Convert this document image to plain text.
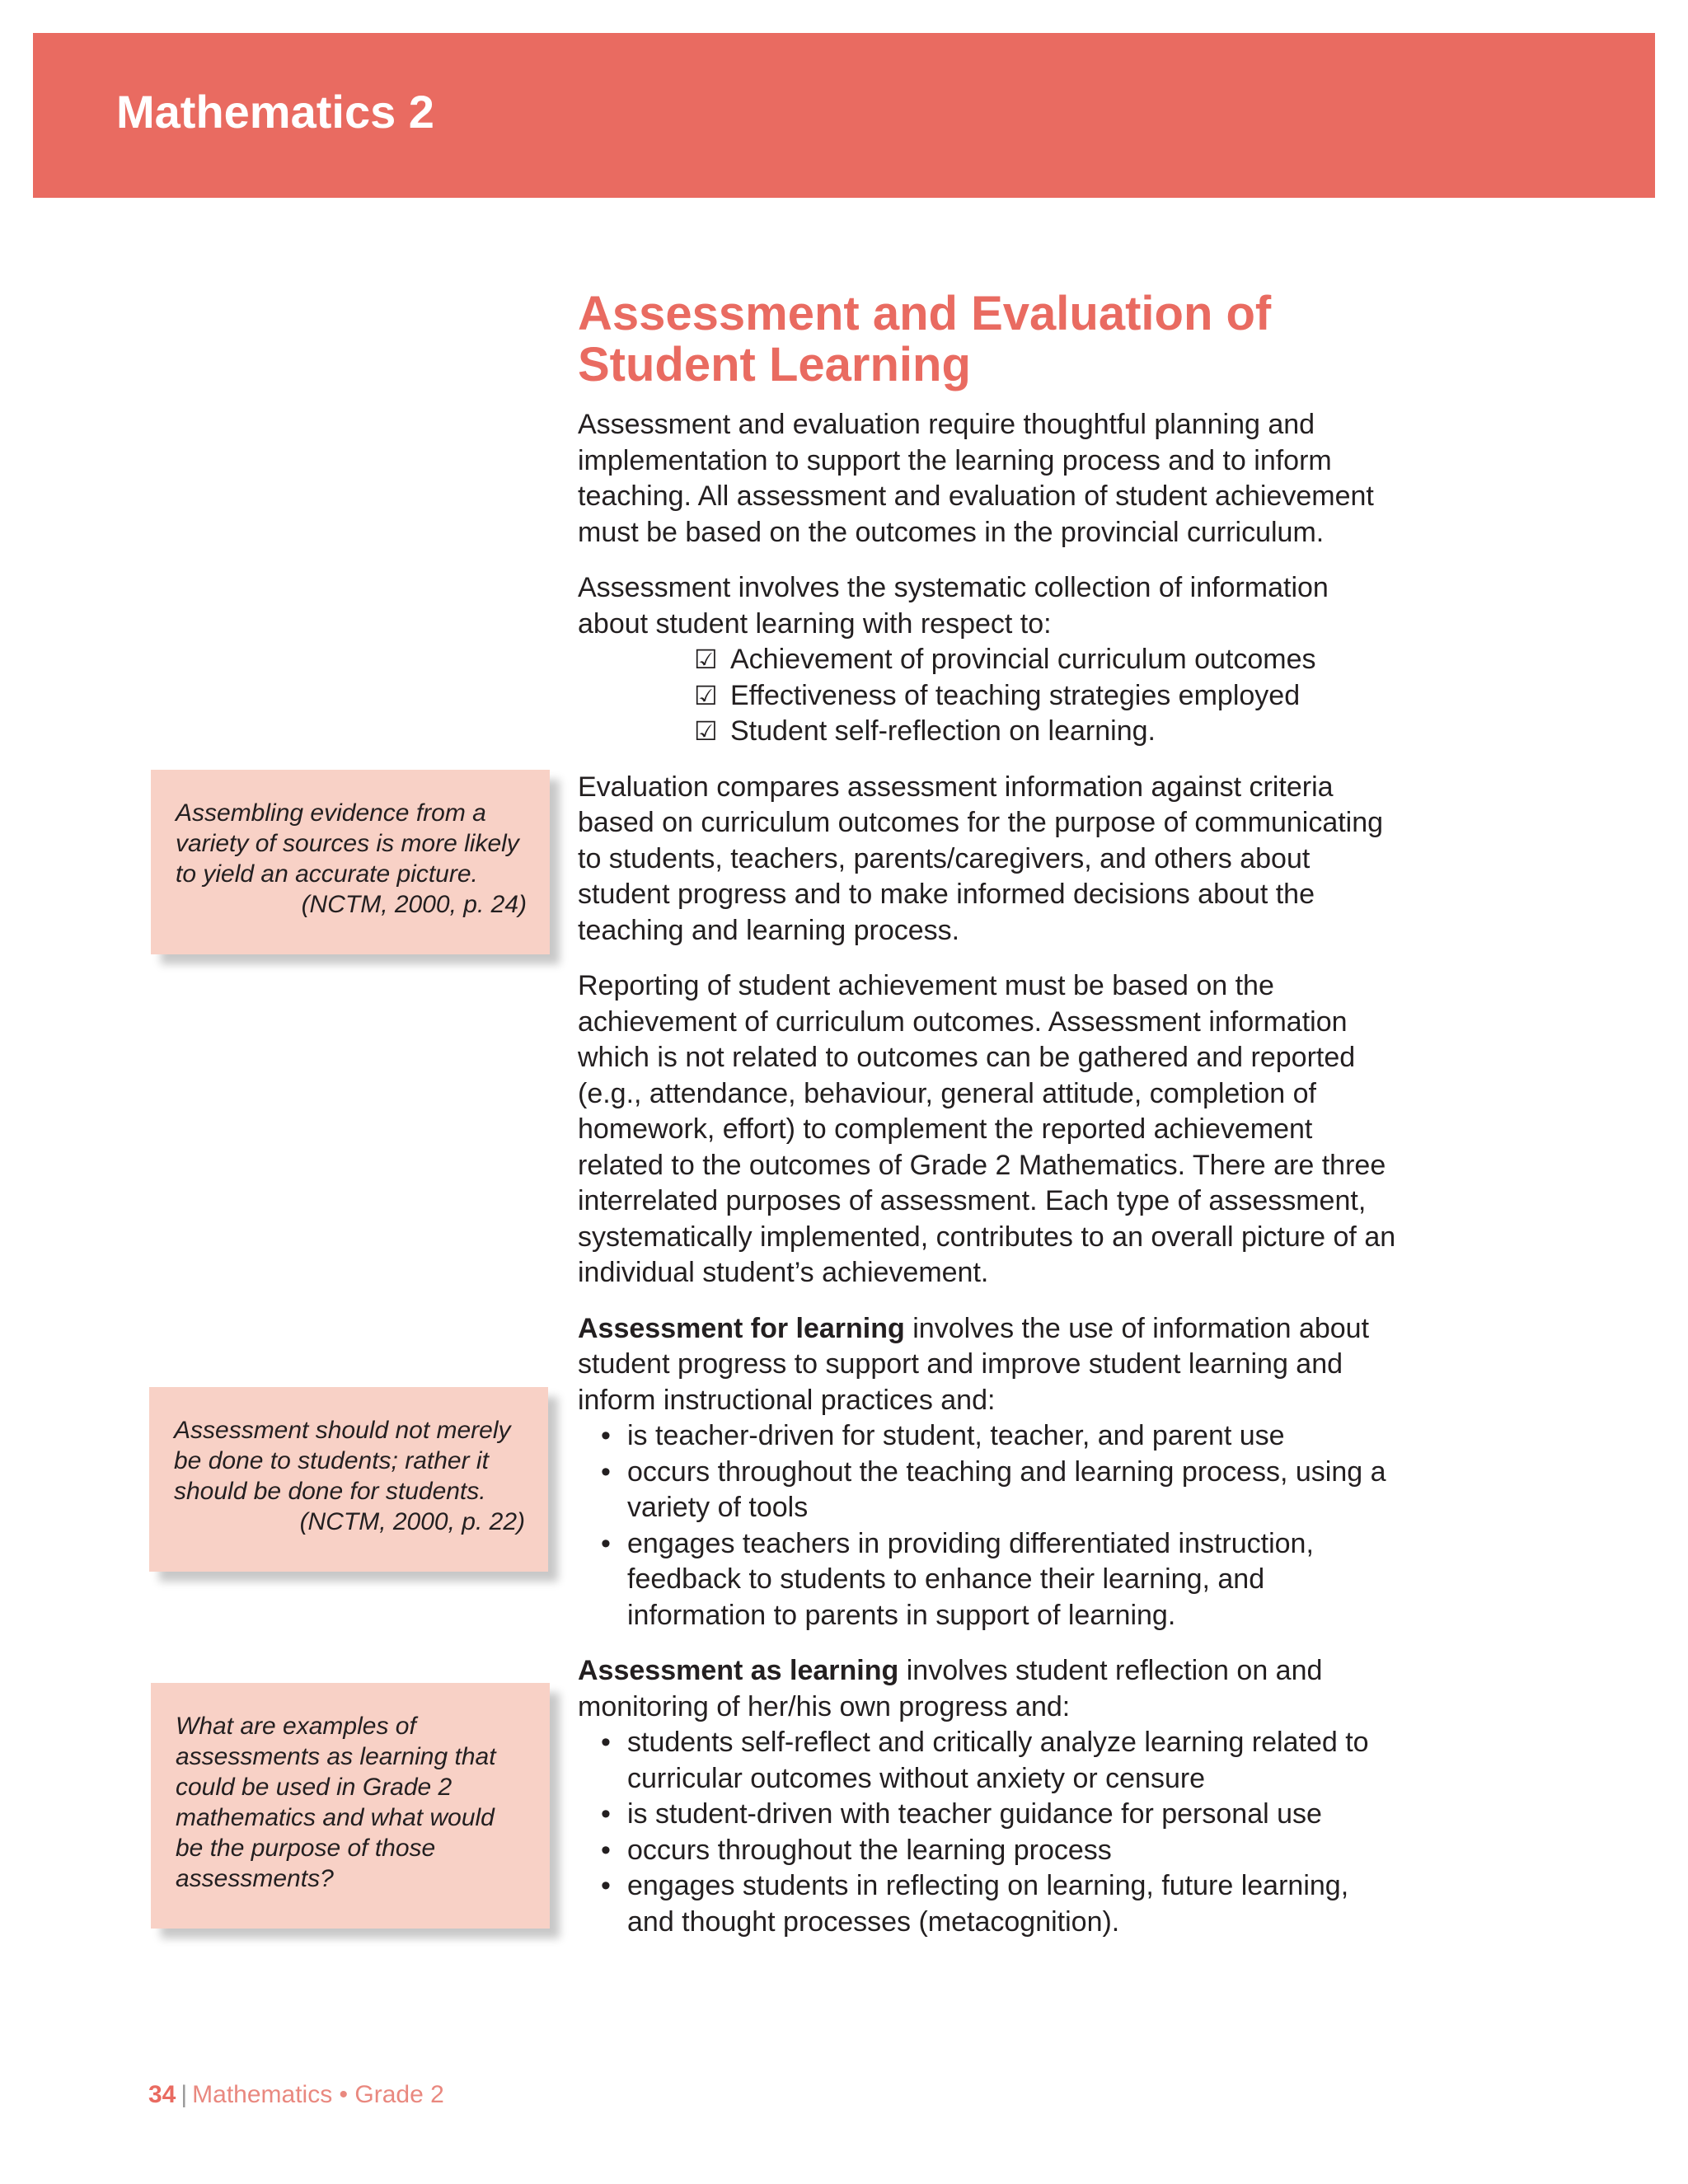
Mathematics 2
Assessment and Evaluation of
Student Learning

Assessment and evaluation require thoughtful planning and implementation to support the learning process and to inform teaching. All assessment and evaluation of student achievement must be based on the outcomes in the provincial curriculum.

Assessment involves the systematic collection of information about student learning with respect to:

☑ Achievement of provincial curriculum outcomes
☑ Effectiveness of teaching strategies employed
☑ Student self-reflection on learning.

Evaluation compares assessment information against criteria based on curriculum outcomes for the purpose of communicating to students, teachers, parents/caregivers, and others about student progress and to make informed decisions about the teaching and learning process.

Reporting of student achievement must be based on the achievement of curriculum outcomes. Assessment information which is not related to outcomes can be gathered and reported (e.g., attendance, behaviour, general attitude, completion of homework, effort) to complement the reported achievement related to the outcomes of Grade 2 Mathematics. There are three interrelated purposes of assessment. Each type of assessment, systematically implemented, contributes to an overall picture of an individual student’s achievement.

Assessment for learning involves the use of information about student progress to support and improve student learning and inform instructional practices and:

• is teacher-driven for student, teacher, and parent use
• occurs throughout the teaching and learning process, using a variety of tools
• engages teachers in providing differentiated instruction, feedback to students to enhance their learning, and information to parents in support of learning.

Assessment as learning involves student reflection on and monitoring of her/his own progress and:

• students self-reflect and critically analyze learning related to curricular outcomes without anxiety or censure
• is student-driven with teacher guidance for personal use
• occurs throughout the learning process
• engages students in reflecting on learning, future learning, and thought processes (metacognition).

Assembling evidence from a variety of sources is more likely to yield an accurate picture.

(NCTM, 2000, p. 24)

Assessment should not merely be done to students; rather it should be done for students.

(NCTM, 2000, p. 22)

What are examples of assessments as learning that could be used in Grade 2 mathematics and what would be the purpose of those assessments?

34 | Mathematics • Grade 2
